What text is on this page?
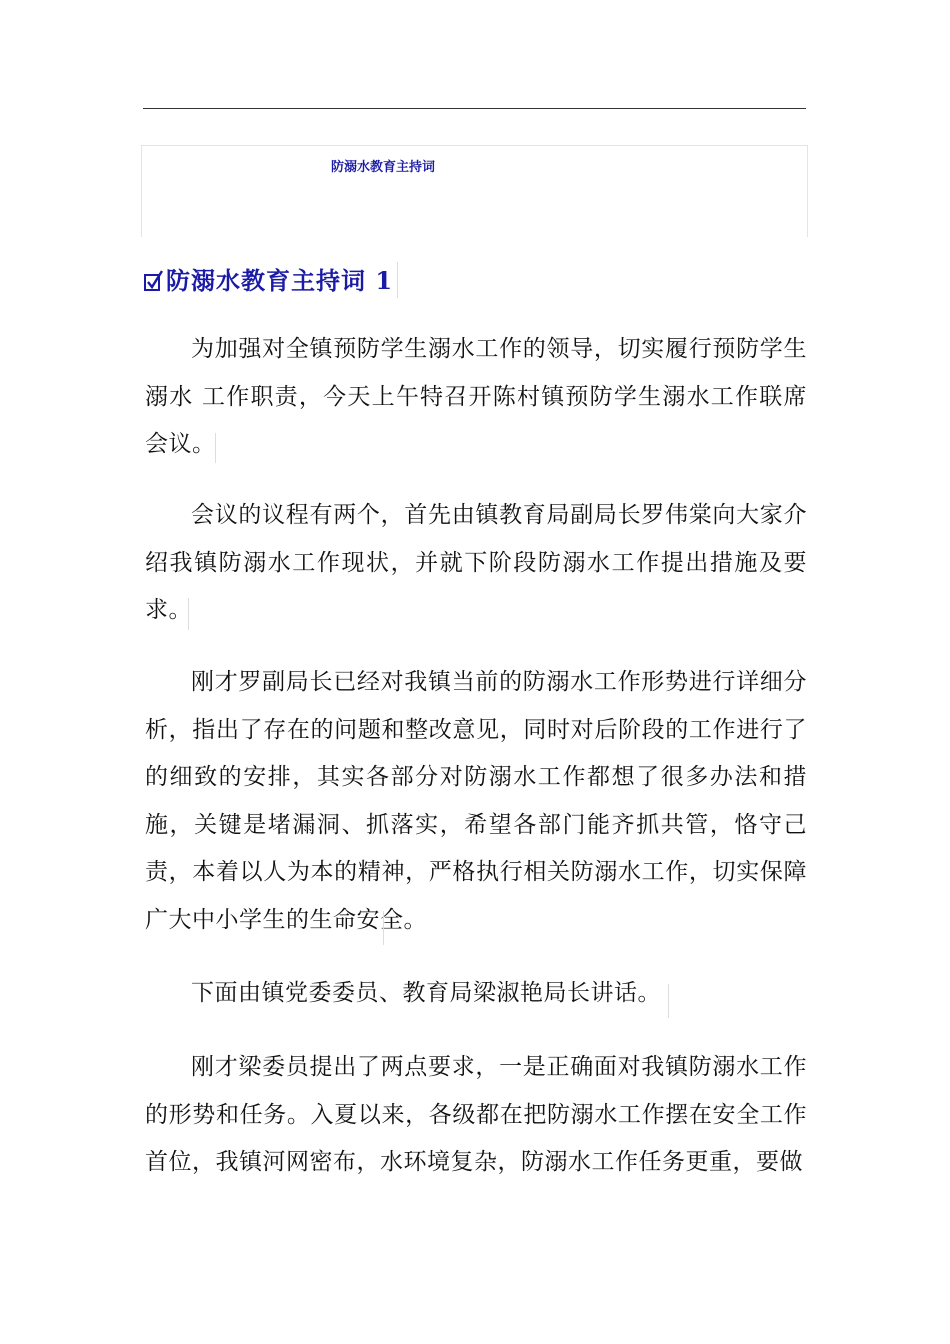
防溺水教育主持词
防溺水教育主持词 1

为加强对全镇预防学生溺水工作的领导，切实履行预防学生溺水 工作职责，今天上午特召开陈村镇预防学生溺水工作联席会议。

会议的议程有两个，首先由镇教育局副局长罗伟棠向大家介绍我镇防溺水工作现状，并就下阶段防溺水工作提出措施及要求。

刚才罗副局长已经对我镇当前的防溺水工作形势进行详细分析，指出了存在的问题和整改意见，同时对后阶段的工作进行了的细致的安排，其实各部分对防溺水工作都想了很多办法和措施，关键是堵漏洞、抓落实，希望各部门能齐抓共管，恪守己责，本着以人为本的精神，严格执行相关防溺水工作，切实保障广大中小学生的生命安全。

下面由镇党委委员、教育局梁淑艳局长讲话。

刚才梁委员提出了两点要求，一是正确面对我镇防溺水工作的形势和任务。入夏以来，各级都在把防溺水工作摆在安全工作首位，我镇河网密布，水环境复杂，防溺水工作任务更重，要做
